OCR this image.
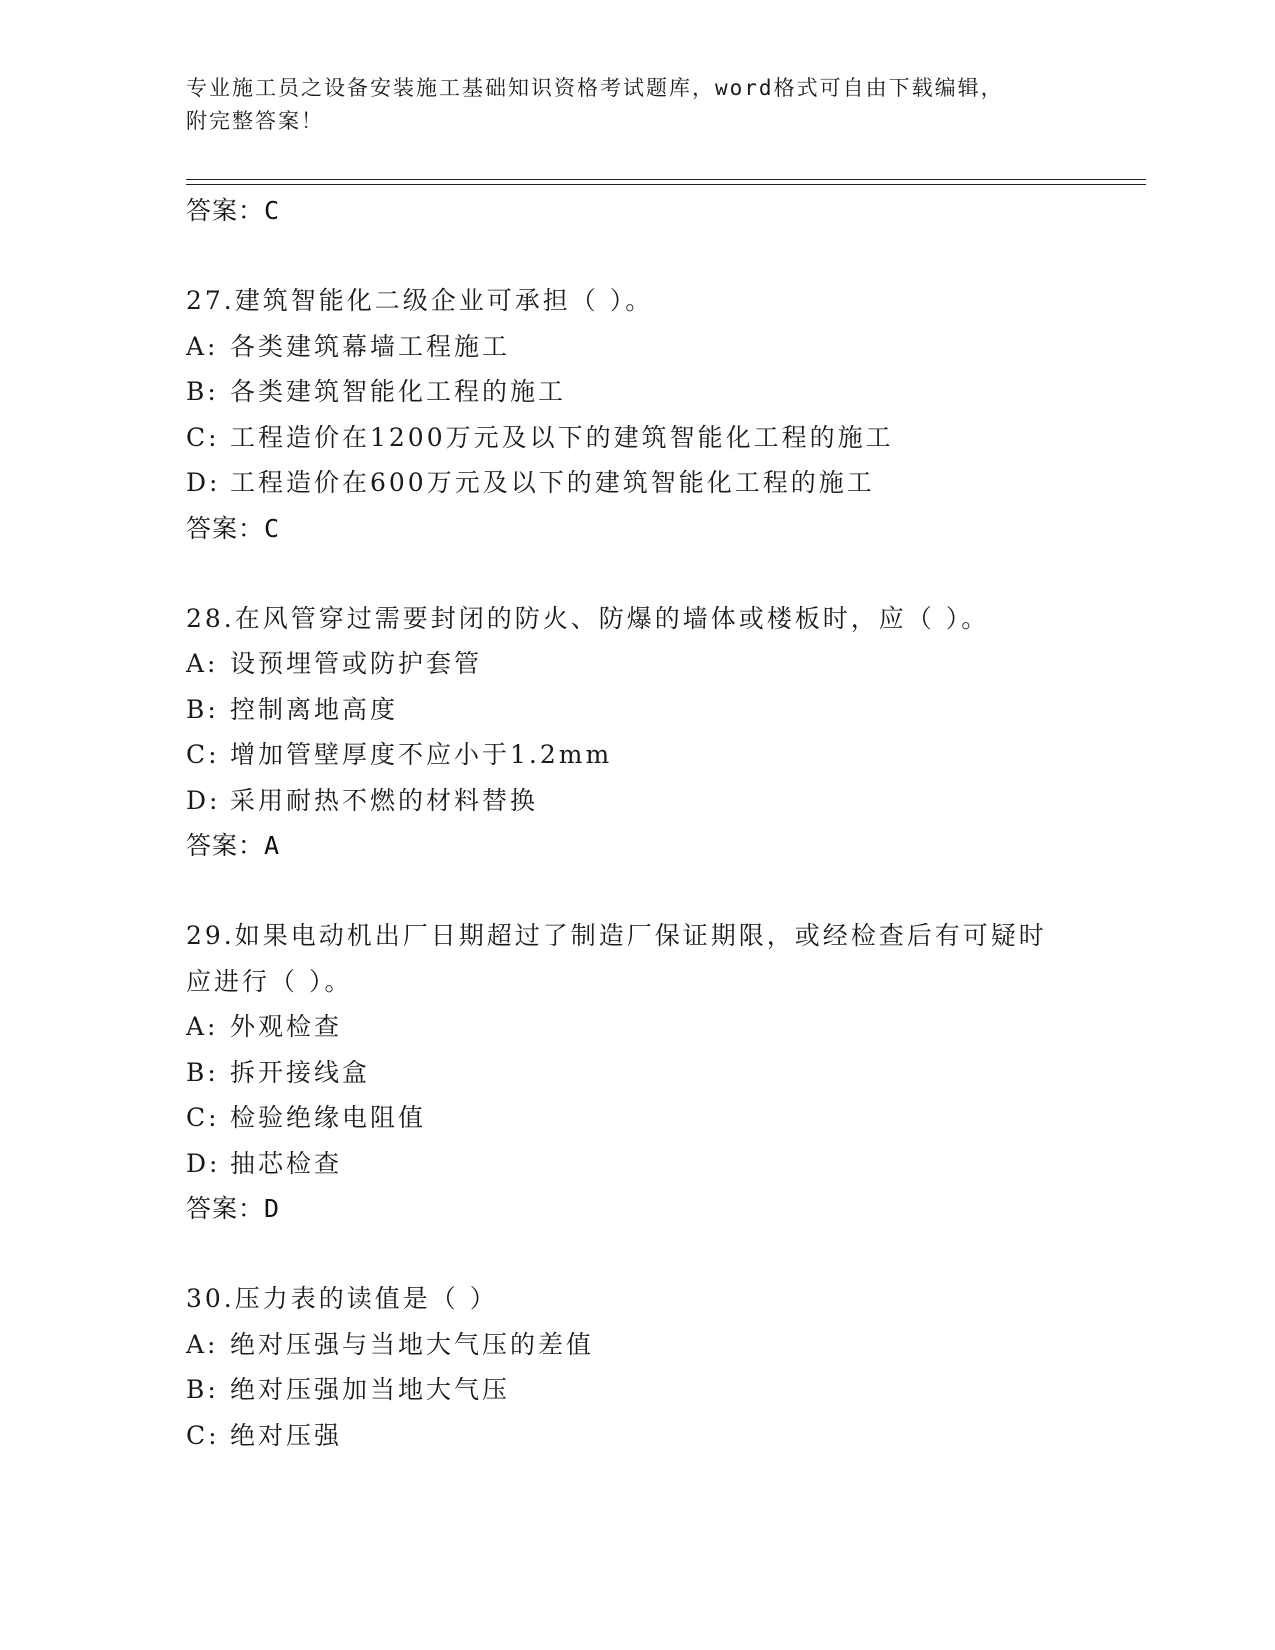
专业施工员之设备安装施工基础知识资格考试题库，word格式可自由下载编辑，
附完整答案！
答案：C
27.建筑智能化二级企业可承担（ ）。
A: 各类建筑幕墙工程施工
B: 各类建筑智能化工程的施工
C: 工程造价在1200万元及以下的建筑智能化工程的施工
D: 工程造价在600万元及以下的建筑智能化工程的施工
答案：C
28.在风管穿过需要封闭的防火、防爆的墙体或楼板时，应（ ）。
A: 设预埋管或防护套管
B: 控制离地高度
C: 增加管壁厚度不应小于1.2mm
D: 采用耐热不燃的材料替换
答案：A
29.如果电动机出厂日期超过了制造厂保证期限，或经检查后有可疑时
应进行（ ）。
A: 外观检查
B: 拆开接线盒
C: 检验绝缘电阻值
D: 抽芯检查
答案：D
30.压力表的读值是（ ）
A: 绝对压强与当地大气压的差值
B: 绝对压强加当地大气压
C: 绝对压强
